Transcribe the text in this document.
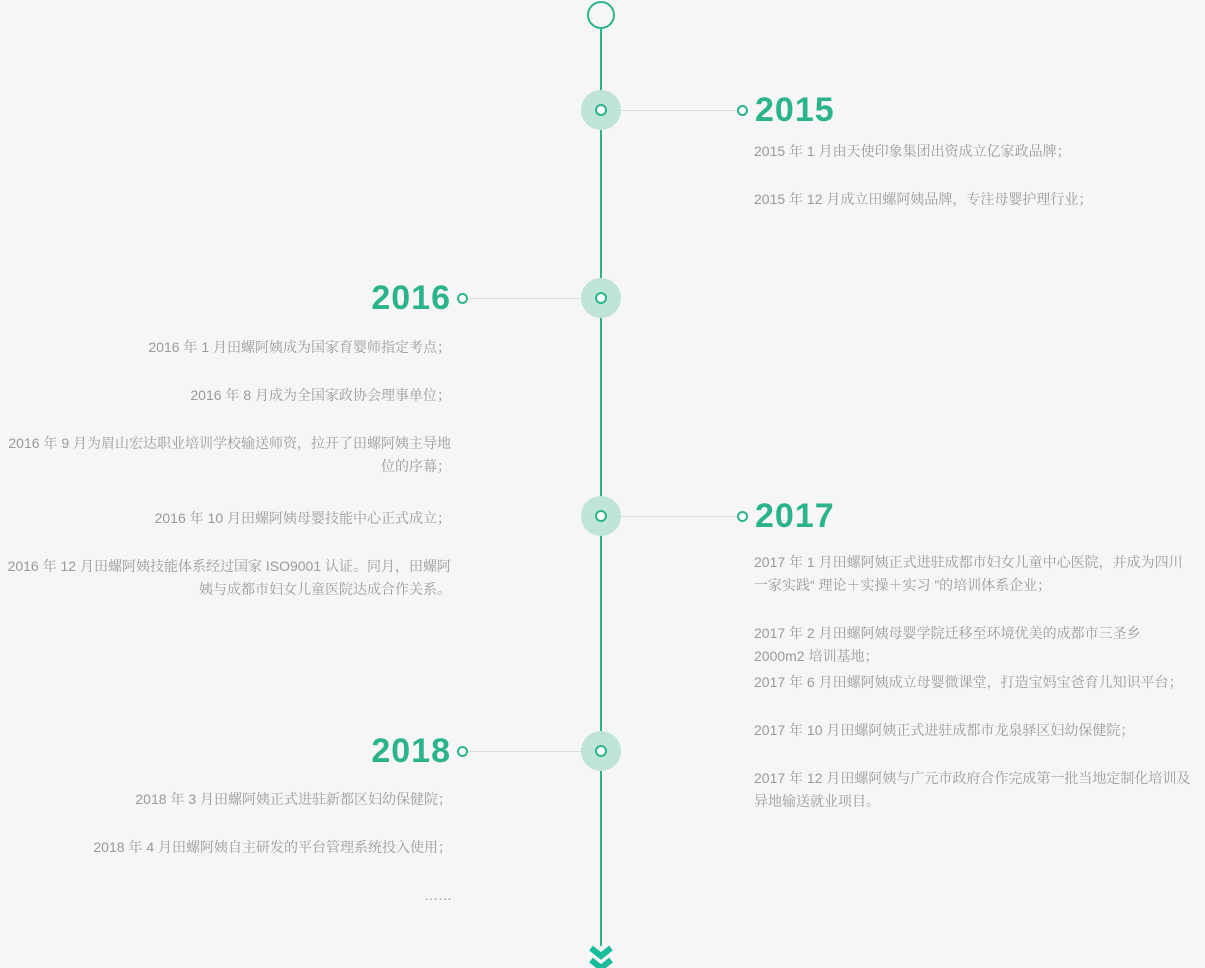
2015

2015 年 1 月由天使印象集团出资成立亿家政品牌；

2015 年 12 月成立田螺阿姨品牌，专注母婴护理行业；

2016

2016 年 1 月田螺阿姨成为国家育婴师指定考点；

2016 年 8 月成为全国家政协会理事单位；

2016 年 9 月为眉山宏达职业培训学校输送师资，拉开了田螺阿姨主导地位的序幕；

2016 年 10 月田螺阿姨母婴技能中心正式成立；

2016 年 12 月田螺阿姨技能体系经过国家 ISO9001 认证。同月，田螺阿姨与成都市妇女儿童医院达成合作关系。

2017

2017 年 1 月田螺阿姨正式进驻成都市妇女儿童中心医院，并成为四川一家实践“ 理论＋实操＋实习 ”的培训体系企业；

2017 年 2 月田螺阿姨母婴学院迁移至环境优美的成都市三圣乡 2000m2 培训基地；

2017 年 6 月田螺阿姨成立母婴微课堂，打造宝妈宝爸育儿知识平台；

2017 年 10 月田螺阿姨正式进驻成都市龙泉驿区妇幼保健院；

2017 年 12 月田螺阿姨与广元市政府合作完成第一批当地定制化培训及异地输送就业项目。

2018

2018 年 3 月田螺阿姨正式进驻新都区妇幼保健院；

2018 年 4 月田螺阿姨自主研发的平台管理系统投入使用；

……
